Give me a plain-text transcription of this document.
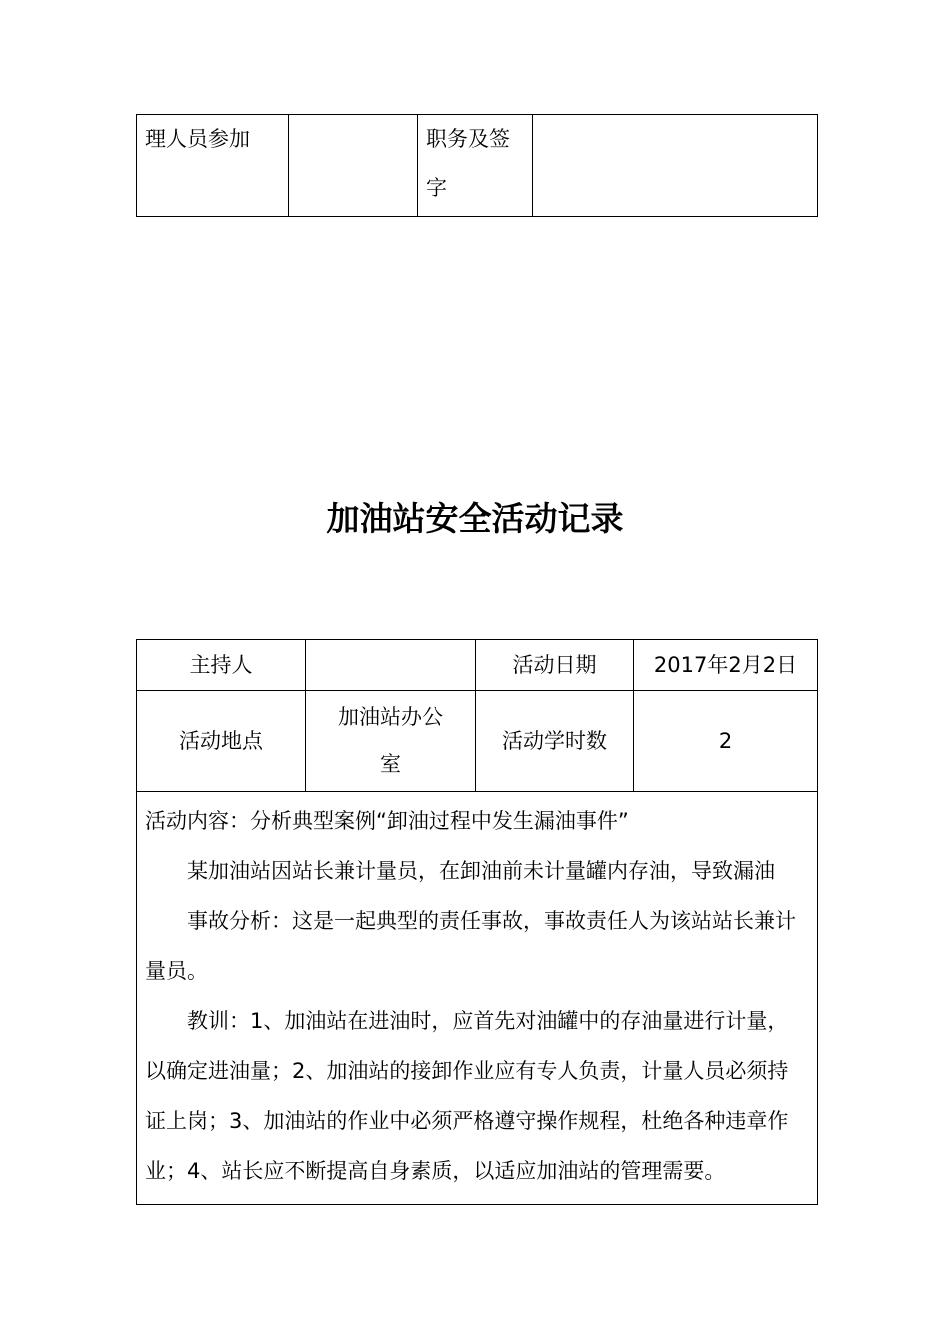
理人员参加		职务及签字	
加油站安全活动记录
主持人		活动日期	2017年2月2日
活动地点	加油站办公室	活动学时数	2

活动内容：分析典型案例“卸油过程中发生漏油事件”

某加油站因站长兼计量员，在卸油前未计量罐内存油，导致漏油

事故分析：这是一起典型的责任事故，事故责任人为该站站长兼计量员。

教训：1、加油站在进油时，应首先对油罐中的存油量进行计量，以确定进油量；2、加油站的接卸作业应有专人负责，计量人员必须持证上岗；3、加油站的作业中必须严格遵守操作规程，杜绝各种违章作业；4、站长应不断提高自身素质，以适应加油站的管理需要。			
